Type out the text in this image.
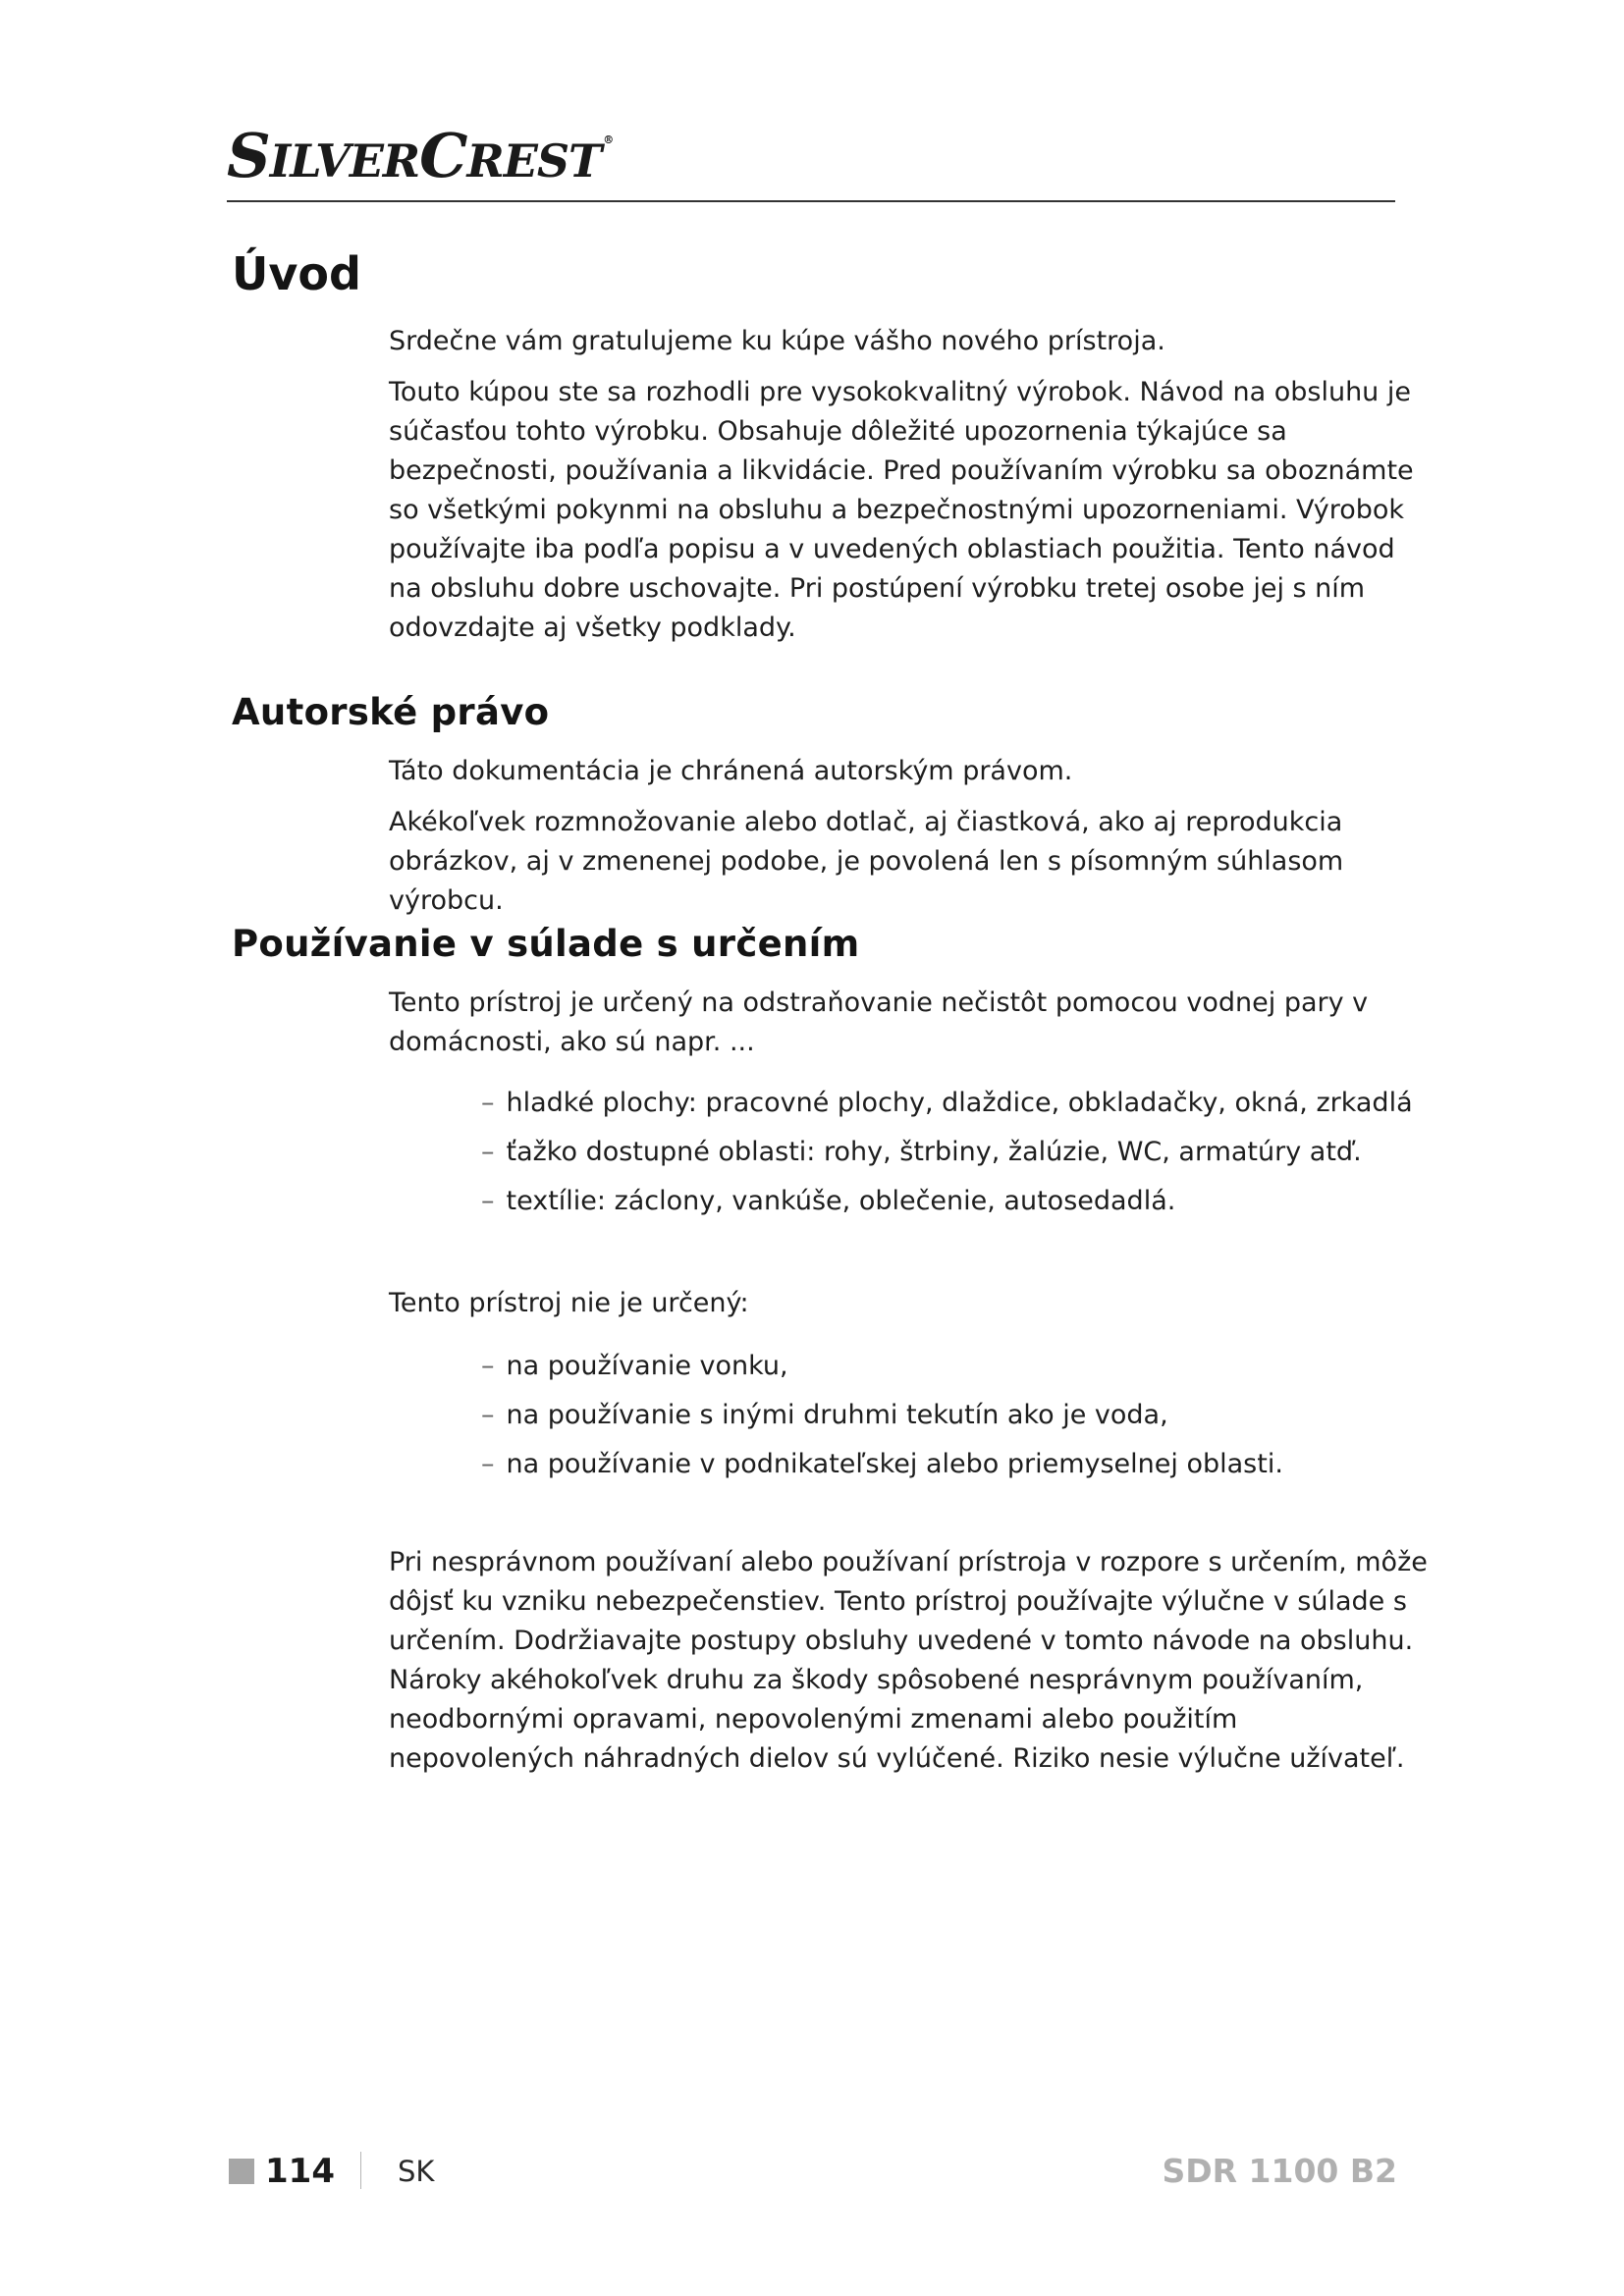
SILVERCREST ®
Úvod

Srdečne vám gratulujeme ku kúpe vášho nového prístroja.

Touto kúpou ste sa rozhodli pre vysokokvalitný výrobok. Návod na obsluhu je súčasťou tohto výrobku. Obsahuje dôležité upozornenia týkajúce sa bezpečnosti, používania a likvidácie. Pred používaním výrobku sa oboznámte so všetkými pokynmi na obsluhu a bezpečnostnými upozorneniami. Výrobok používajte iba podľa popisu a v uvedených oblastiach použitia. Tento návod na obsluhu dobre uschovajte. Pri postúpení výrobku tretej osobe jej s ním odovzdajte aj všetky podklady.

Autorské právo

Táto dokumentácia je chránená autorským právom.

Akékoľvek rozmnožovanie alebo dotlač, aj čiastková, ako aj reprodukcia obrázkov, aj v zmenenej podobe, je povolená len s písomným súhlasom výrobcu.

Používanie v súlade s určením

Tento prístroj je určený na odstraňovanie nečistôt pomocou vodnej pary v domácnosti, ako sú napr. ...

– hladké plochy: pracovné plochy, dlaždice, obkladačky, okná, zrkadlá
– ťažko dostupné oblasti: rohy, štrbiny, žalúzie, WC, armatúry atď.
– textílie: záclony, vankúše, oblečenie, autosedadlá.

Tento prístroj nie je určený:

– na používanie vonku,
– na používanie s inými druhmi tekutín ako je voda,
– na používanie v podnikateľskej alebo priemyselnej oblasti.

Pri nesprávnom používaní alebo používaní prístroja v rozpore s určením, môže dôjsť ku vzniku nebezpečenstiev. Tento prístroj používajte výlučne v súlade s určením. Dodržiavajte postupy obsluhy uvedené v tomto návode na obsluhu. Nároky akéhokoľvek druhu za škody spôsobené nesprávnym používaním, neodbornými opravami, nepovolenými zmenami alebo použitím nepovolených náhradných dielov sú vylúčené. Riziko nesie výlučne užívateľ.

114 SK	SDR 1100 B2
